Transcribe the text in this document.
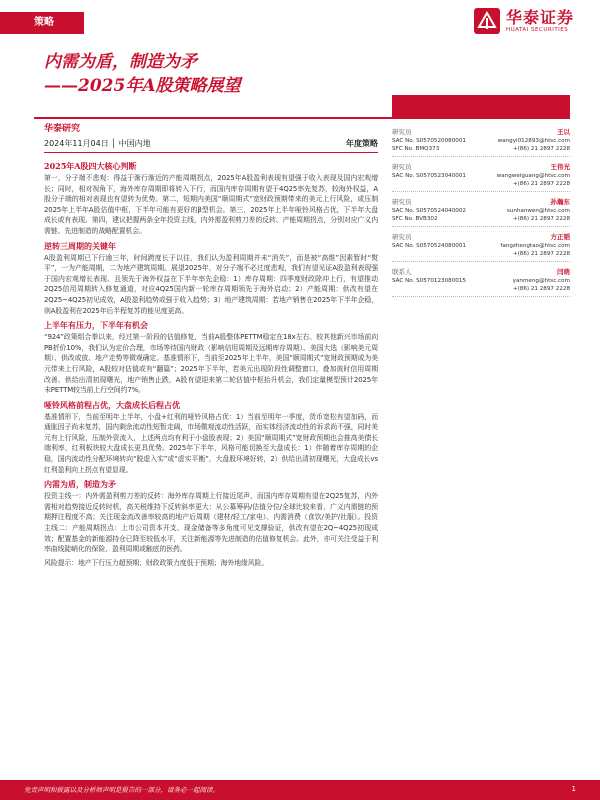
策略	华泰证券
HUATAI SECURITIES
内需为盾，制造为矛
——2025年A股策略展望
华泰研究
2024年11月04日 │ 中国内地	年度策略
2025年A股四大核心判断

第一，分子端不悲观：得益于渐行渐近的产能周期拐点，2025年A股盈利表现有望强于收入表现及国内宏观增长；同时，相对视角下，海外库存周期即将转入下行，而国内库存周期有望于4Q25率先复苏，较海外权益，A股分子端的相对表现也有望转为优势。第二，短期内美国“顺周期式”宽财政预期带来的美元上行风险，或压制2025年上半年A股估值中枢，下半年可能有更好的β型机会。第三，2025年上半年哑铃风格占优，下半年大盘成长或有表现。第四，建议把握两条全年投资主线，内外需盈利剪刀差的反转、产能周期拐点，分别对应广义内需链、先进制造的战略配置机会。

逆转三周期的关键年

A股盈利周期已下行逾三年，时间跨度长于以往，我们认为盈利周期并未“消失”，而是被“高维”因素暂时“熨平”，一为产能周期，二为地产建筑周期。展望2025年，对分子端不必过度悲观，我们有望见证A股盈利表现强于国内宏观增长表现、且领先于海外权益在下半年率先企稳：1）库存周期：四季度财政除冲上行，有望推动2Q25信用周期转入修复通道，对应4Q25国内新一轮库存周期领先于海外启动；2）产能周期：供改有望在2Q25~4Q25初见成效，A股盈利趋势或强于收入趋势；3）地产建筑周期：若地产销售在2025年下半年企稳，则A股盈利在2025年后半程复苏的能见度更高。

上半年有压力，下半年有机会

“924”政策组合拳以来，经过第一阶段的估值修复，当前A股整体PETTM稳定在18x左右、较其他新兴市场前向PB折价10%，我们认为定价合理，市场等待国内财政（影响信用周期及远期库存周期）、美国大选（影响美元周期）、供改或放、地产走势等微观确定。基准情形下，当前至2025年上半年，美国“顺周期式”宽财政预期或为美元带来上行风险，A股较对估值或有“翻篇”；2025年下半年，若美元出现阶段性调整窗口，叠加彼时信用周期改善、供给出清初现曙光，地产销售止跌，A股有望迎来第二轮估值中枢抬升机会，我们定量模型预计2025年末PETTM较当前上行空间约7%。

哑铃风格前程占优，大盘成长后程占优

基准情形下，当前至明年上半年，小盘+红利的哑铃风格占优：1）当前至明年一季度，货币宽松有望加码，而通胀因子尚未复苏，国内剩余流动性短暂走阔，市场微观流动性活跃，而实体经济流动性的诉求尚不强，同时美元有上行风险，压制外资流入，上述两点均有利于小盘股表现；2）美国“顺周期式”宽财政预期也会推高美债长端利率，红利板块较大盘成长更具优势。2025年下半年，风格可能切换至大盘成长：1）伴随着库存周期的企稳，国内流动性分配环境转向“脱虚入实”或“虚实平衡”，大盘股环境好转，2）供给出清初现曙光，大盘成长vs红利盈利向上拐点有望显现。

内需为盾，制造为矛

投资主线一：内外需盈利剪刀差的反转：海外库存周期上行接近尾声，而国内库存周期有望在2Q25复苏，内外需相对趋势接近反转时机，高关税维持下反转斜率更大：从公募筹码/估值分位/全球比较来看，广义内需链的预期押注程度不高；关注现金流改善率较高的地产后周期（建材/轻工/家电）、内需消费（食饮/美护/社服）。投资主线二：产能周期拐点：上市公司资本开支、现金储备等多角度可见支撑验证，供改有望在2Q~4Q25初现成效；配置基金的新能源持仓已降至较低水平，关注新能源等先进制造的估值修复机会。此外，亦可关注受益于利率曲线陡峭化的保险、盈利周期或触底的医药。

风险提示：地产下行压力超预期；财政政策力度低于预期；海外地缘风险。

研究员	王以
SAC No. S0570520080001	wangyi012893@htsc.com
SFC No. BMQ373	+(86) 21 2897 2228
研究员	王伟光
SAC No. S0570523040001	wangweiguang@htsc.com
+(86) 21 2897 2228
研究员	孙瀚东
SAC No. S0570524040002	sunhanwen@htsc.com
SFC No. BVB302	+(86) 21 2897 2228
研究员	方正韬
SAC No. S0570524080001	fangzhengtao@htsc.com
+(86) 21 2897 2228
联系人	闫萌
SAC No. S0570123080015	yanmeng@htsc.com
+(86) 21 2897 2228
免责声明和披露以及分析师声明是报告的一部分，请务必一起阅读。	1
